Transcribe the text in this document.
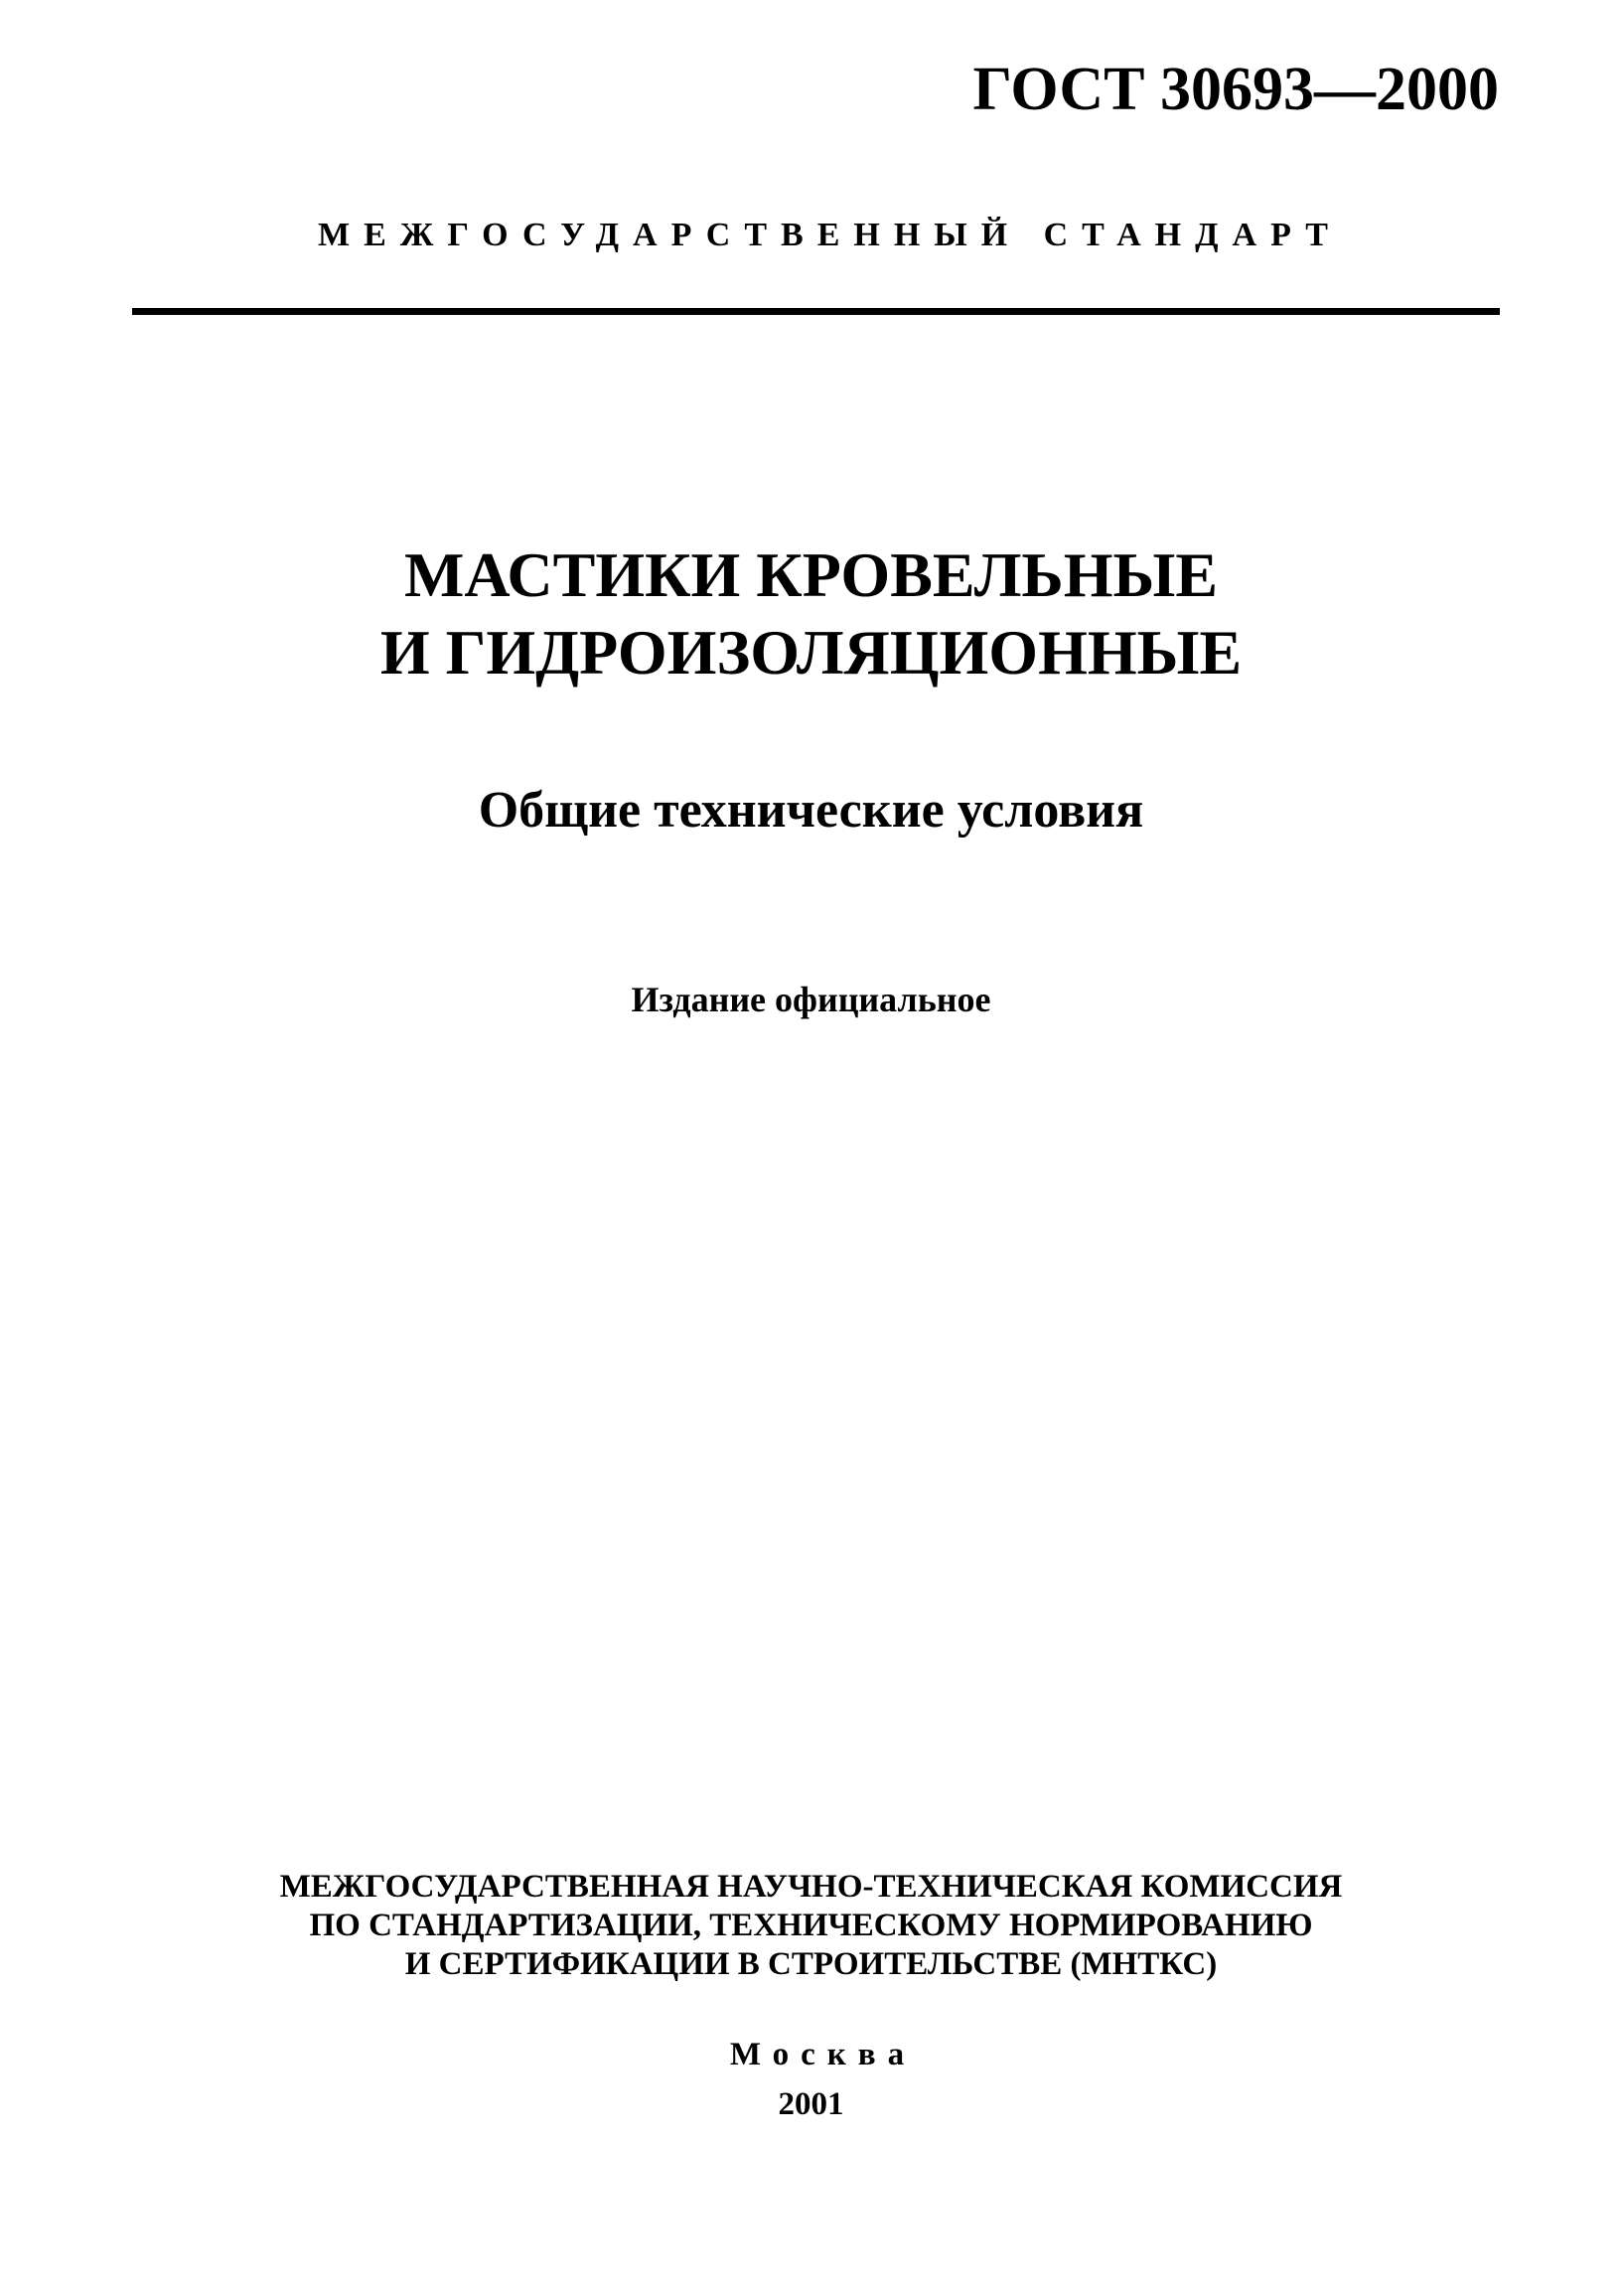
ГОСТ 30693—2000
МЕЖГОСУДАРСТВЕННЫЙ СТАНДАРТ
МАСТИКИ КРОВЕЛЬНЫЕ
И ГИДРОИЗОЛЯЦИОННЫЕ
Общие технические условия
Издание официальное
МЕЖГОСУДАРСТВЕННАЯ НАУЧНО-ТЕХНИЧЕСКАЯ КОМИССИЯ
ПО СТАНДАРТИЗАЦИИ, ТЕХНИЧЕСКОМУ НОРМИРОВАНИЮ
И СЕРТИФИКАЦИИ В СТРОИТЕЛЬСТВЕ (МНТКС)
Москва
2001
